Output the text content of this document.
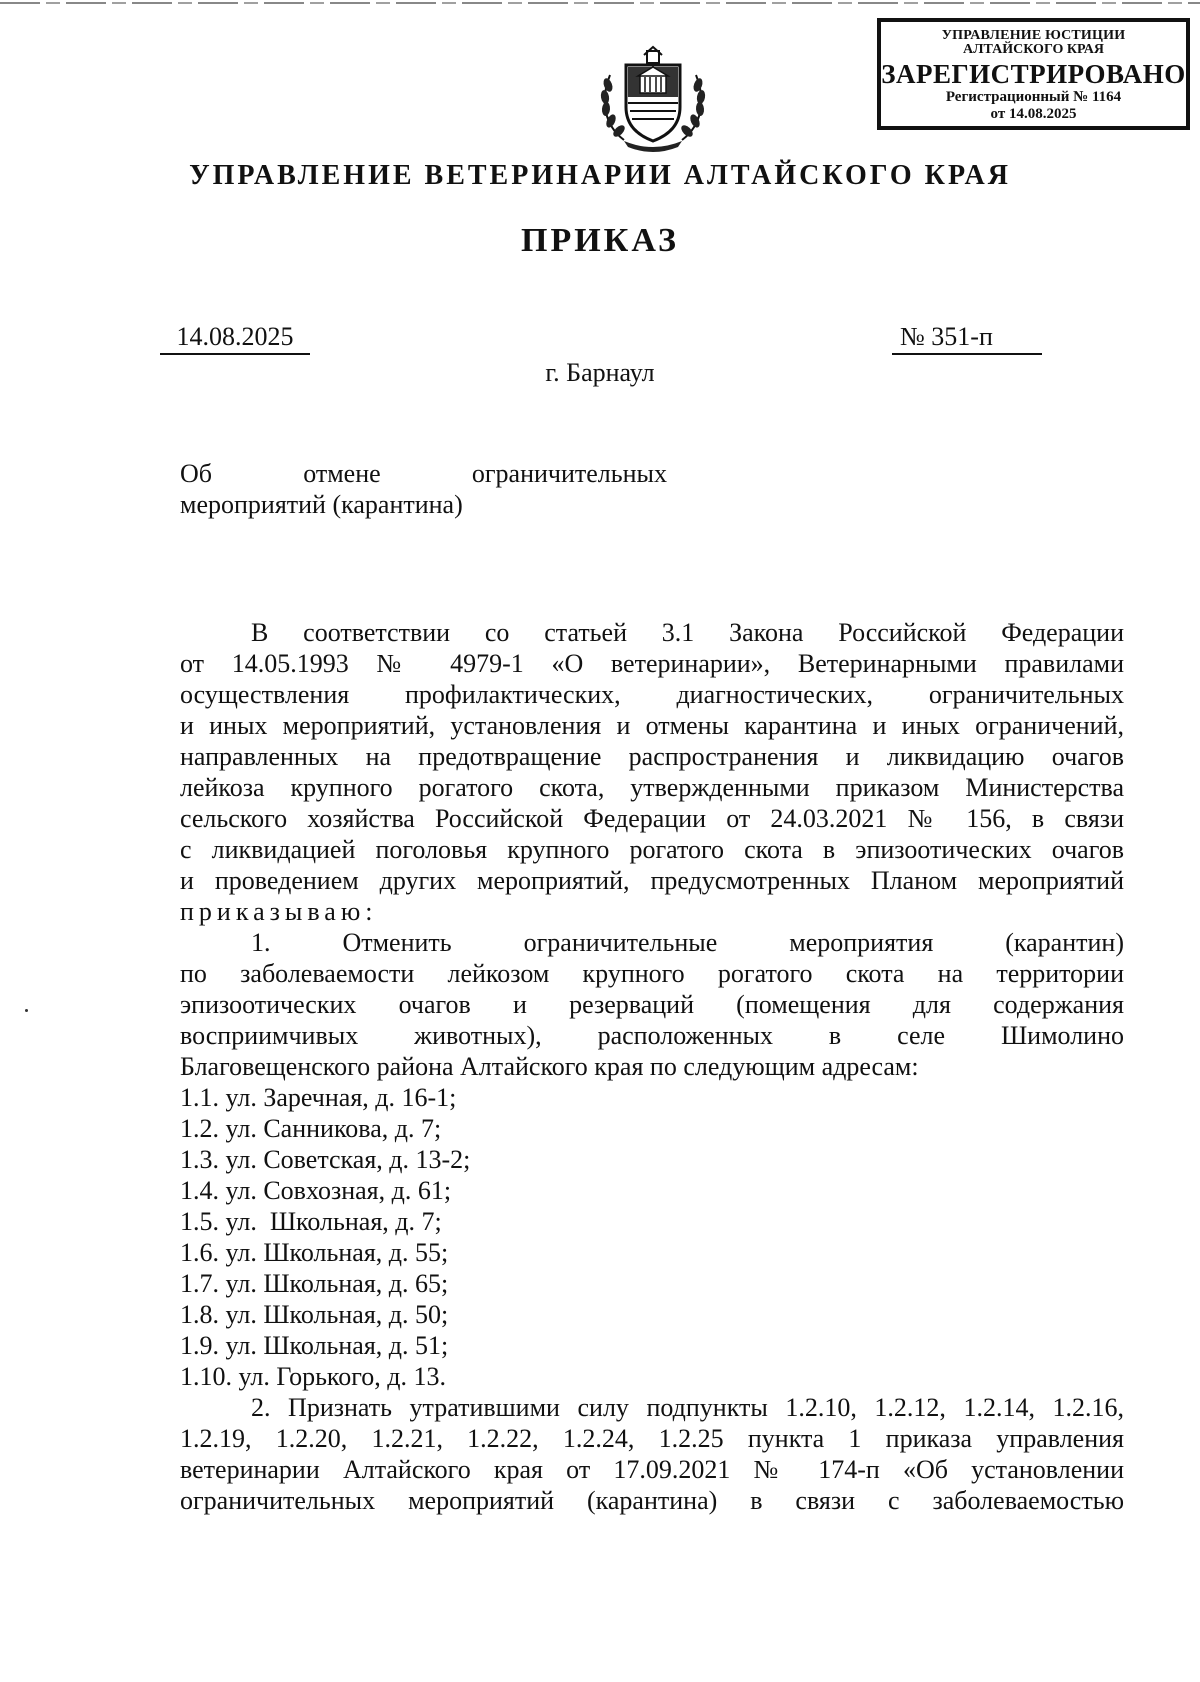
УПРАВЛЕНИЕ ЮСТИЦИИ
АЛТАЙСКОГО КРАЯ
ЗАРЕГИСТРИРОВАНО
Регистрационный № 1164
от 14.08.2025
УПРАВЛЕНИЕ ВЕТЕРИНАРИИ АЛТАЙСКОГО КРАЯ
ПРИКАЗ
14.08.2025	№ 351-п
г. Барнаул
Об	отмене	ограничительных
мероприятий (карантина)
В соответствии со статьей 3.1 Закона Российской Федерации
от 14.05.1993 № 4979-1 «О ветеринарии», Ветеринарными правилами
осуществления профилактических, диагностических, ограничительных
и иных мероприятий, установления и отмены карантина и иных ограничений,
направленных на предотвращение распространения и ликвидацию очагов
лейкоза крупного рогатого скота, утвержденными приказом Министерства
сельского хозяйства Российской Федерации от 24.03.2021 № 156, в связи
с ликвидацией поголовья крупного рогатого скота в эпизоотических очагов
и проведением других мероприятий, предусмотренных Планом мероприятий
приказываю:
1. Отменить ограничительные мероприятия (карантин)
по заболеваемости лейкозом крупного рогатого скота на территории
эпизоотических очагов и резерваций (помещения для содержания
восприимчивых животных), расположенных в селе Шимолино
Благовещенского района Алтайского края по следующим адресам:
1.1. ул. Заречная, д. 16-1;
1.2. ул. Санникова, д. 7;
1.3. ул. Советская, д. 13-2;
1.4. ул. Совхозная, д. 61;
1.5. ул.  Школьная, д. 7;
1.6. ул. Школьная, д. 55;
1.7. ул. Школьная, д. 65;
1.8. ул. Школьная, д. 50;
1.9. ул. Школьная, д. 51;
1.10. ул. Горького, д. 13.
2. Признать утратившими силу подпункты 1.2.10, 1.2.12, 1.2.14, 1.2.16,
1.2.19, 1.2.20, 1.2.21, 1.2.22, 1.2.24, 1.2.25 пункта 1 приказа управления
ветеринарии Алтайского края от 17.09.2021 № 174-п «Об установлении
ограничительных мероприятий (карантина) в связи с заболеваемостью
